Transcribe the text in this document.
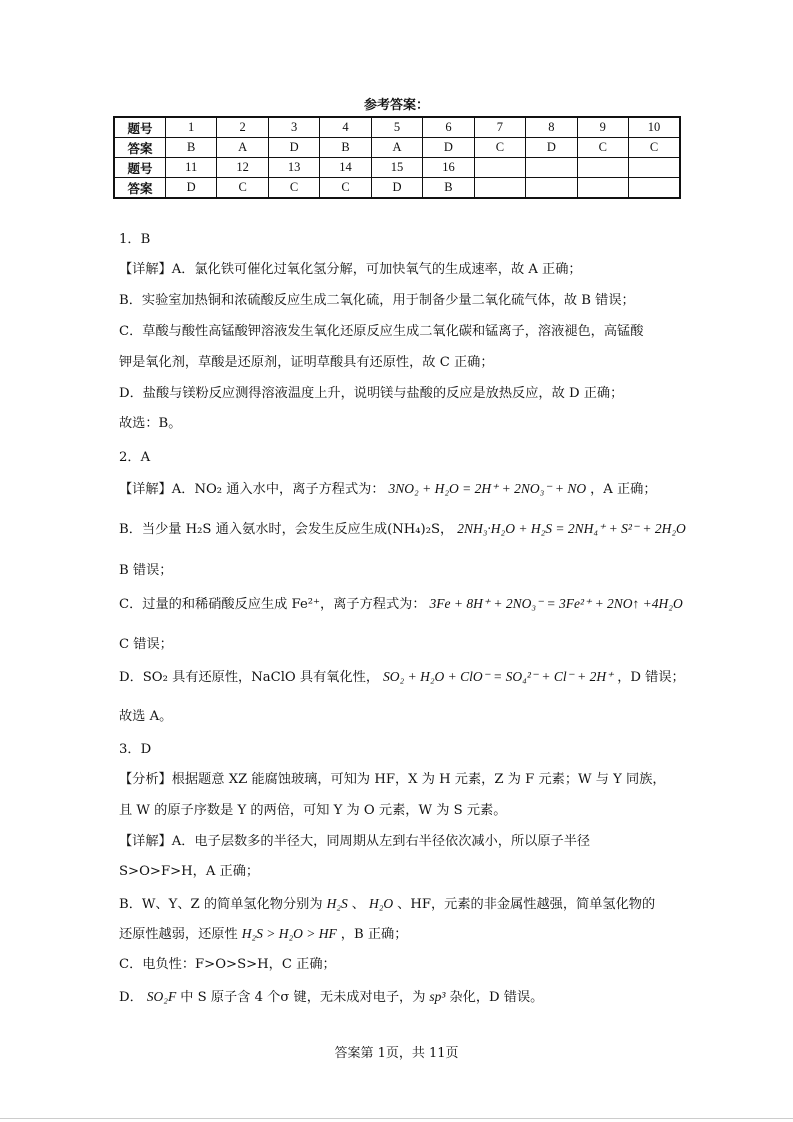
参考答案：
题号	1	2	3	4	5	6	7	8	9	10
答案	B	A	D	B	A	D	C	D	C	C
题号	11	12	13	14	15	16				
答案	D	C	C	C	D	B				
1．B
【详解】A．氯化铁可催化过氧化氢分解，可加快氧气的生成速率，故 A 正确；
B．实验室加热铜和浓硫酸反应生成二氧化硫，用于制备少量二氧化硫气体，故 B 错误；
C．草酸与酸性高锰酸钾溶液发生氧化还原反应生成二氧化碳和锰离子，溶液褪色，高锰酸
钾是氧化剂，草酸是还原剂，证明草酸具有还原性，故 C 正确；
D．盐酸与镁粉反应测得溶液温度上升，说明镁与盐酸的反应是放热反应，故 D 正确；
故选：B。
2．A
【详解】A．NO₂ 通入水中，离子方程式为： 3NO₂ + H₂O = 2H⁺ + 2NO₃⁻ + NO ，A 正确；
B．当少量 H₂S 通入氨水时，会发生反应生成(NH₄)₂S， 2NH₃·H₂O + H₂S = 2NH₄⁺ + S²⁻ + 2H₂O
B 错误；
C．过量的和稀硝酸反应生成 Fe²⁺，离子方程式为： 3Fe + 8H⁺ + 2NO₃⁻ = 3Fe²⁺ + 2NO↑ +4H₂O
C 错误；
D．SO₂ 具有还原性，NaClO 具有氧化性， SO₂ + H₂O + ClO⁻ = SO₄²⁻ + Cl⁻ + 2H⁺ ，D 错误；
故选 A。
3．D
【分析】根据题意 XZ 能腐蚀玻璃，可知为 HF，X 为 H 元素，Z 为 F 元素；W 与 Y 同族，
且 W 的原子序数是 Y 的两倍，可知 Y 为 O 元素，W 为 S 元素。
【详解】A．电子层数多的半径大，同周期从左到右半径依次减小，所以原子半径
S>O>F>H，A 正确；
B．W、Y、Z 的简单氢化物分别为 H₂S 、 H₂O 、HF，元素的非金属性越强，简单氢化物的
还原性越弱，还原性 H₂S > H₂O > HF ，B 正确；
C．电负性：F>O>S>H，C 正确；
D． SO₂F 中 S 原子含 4 个σ 键，无未成对电子，为 sp³ 杂化，D 错误。
答案第 1页，共 11页
